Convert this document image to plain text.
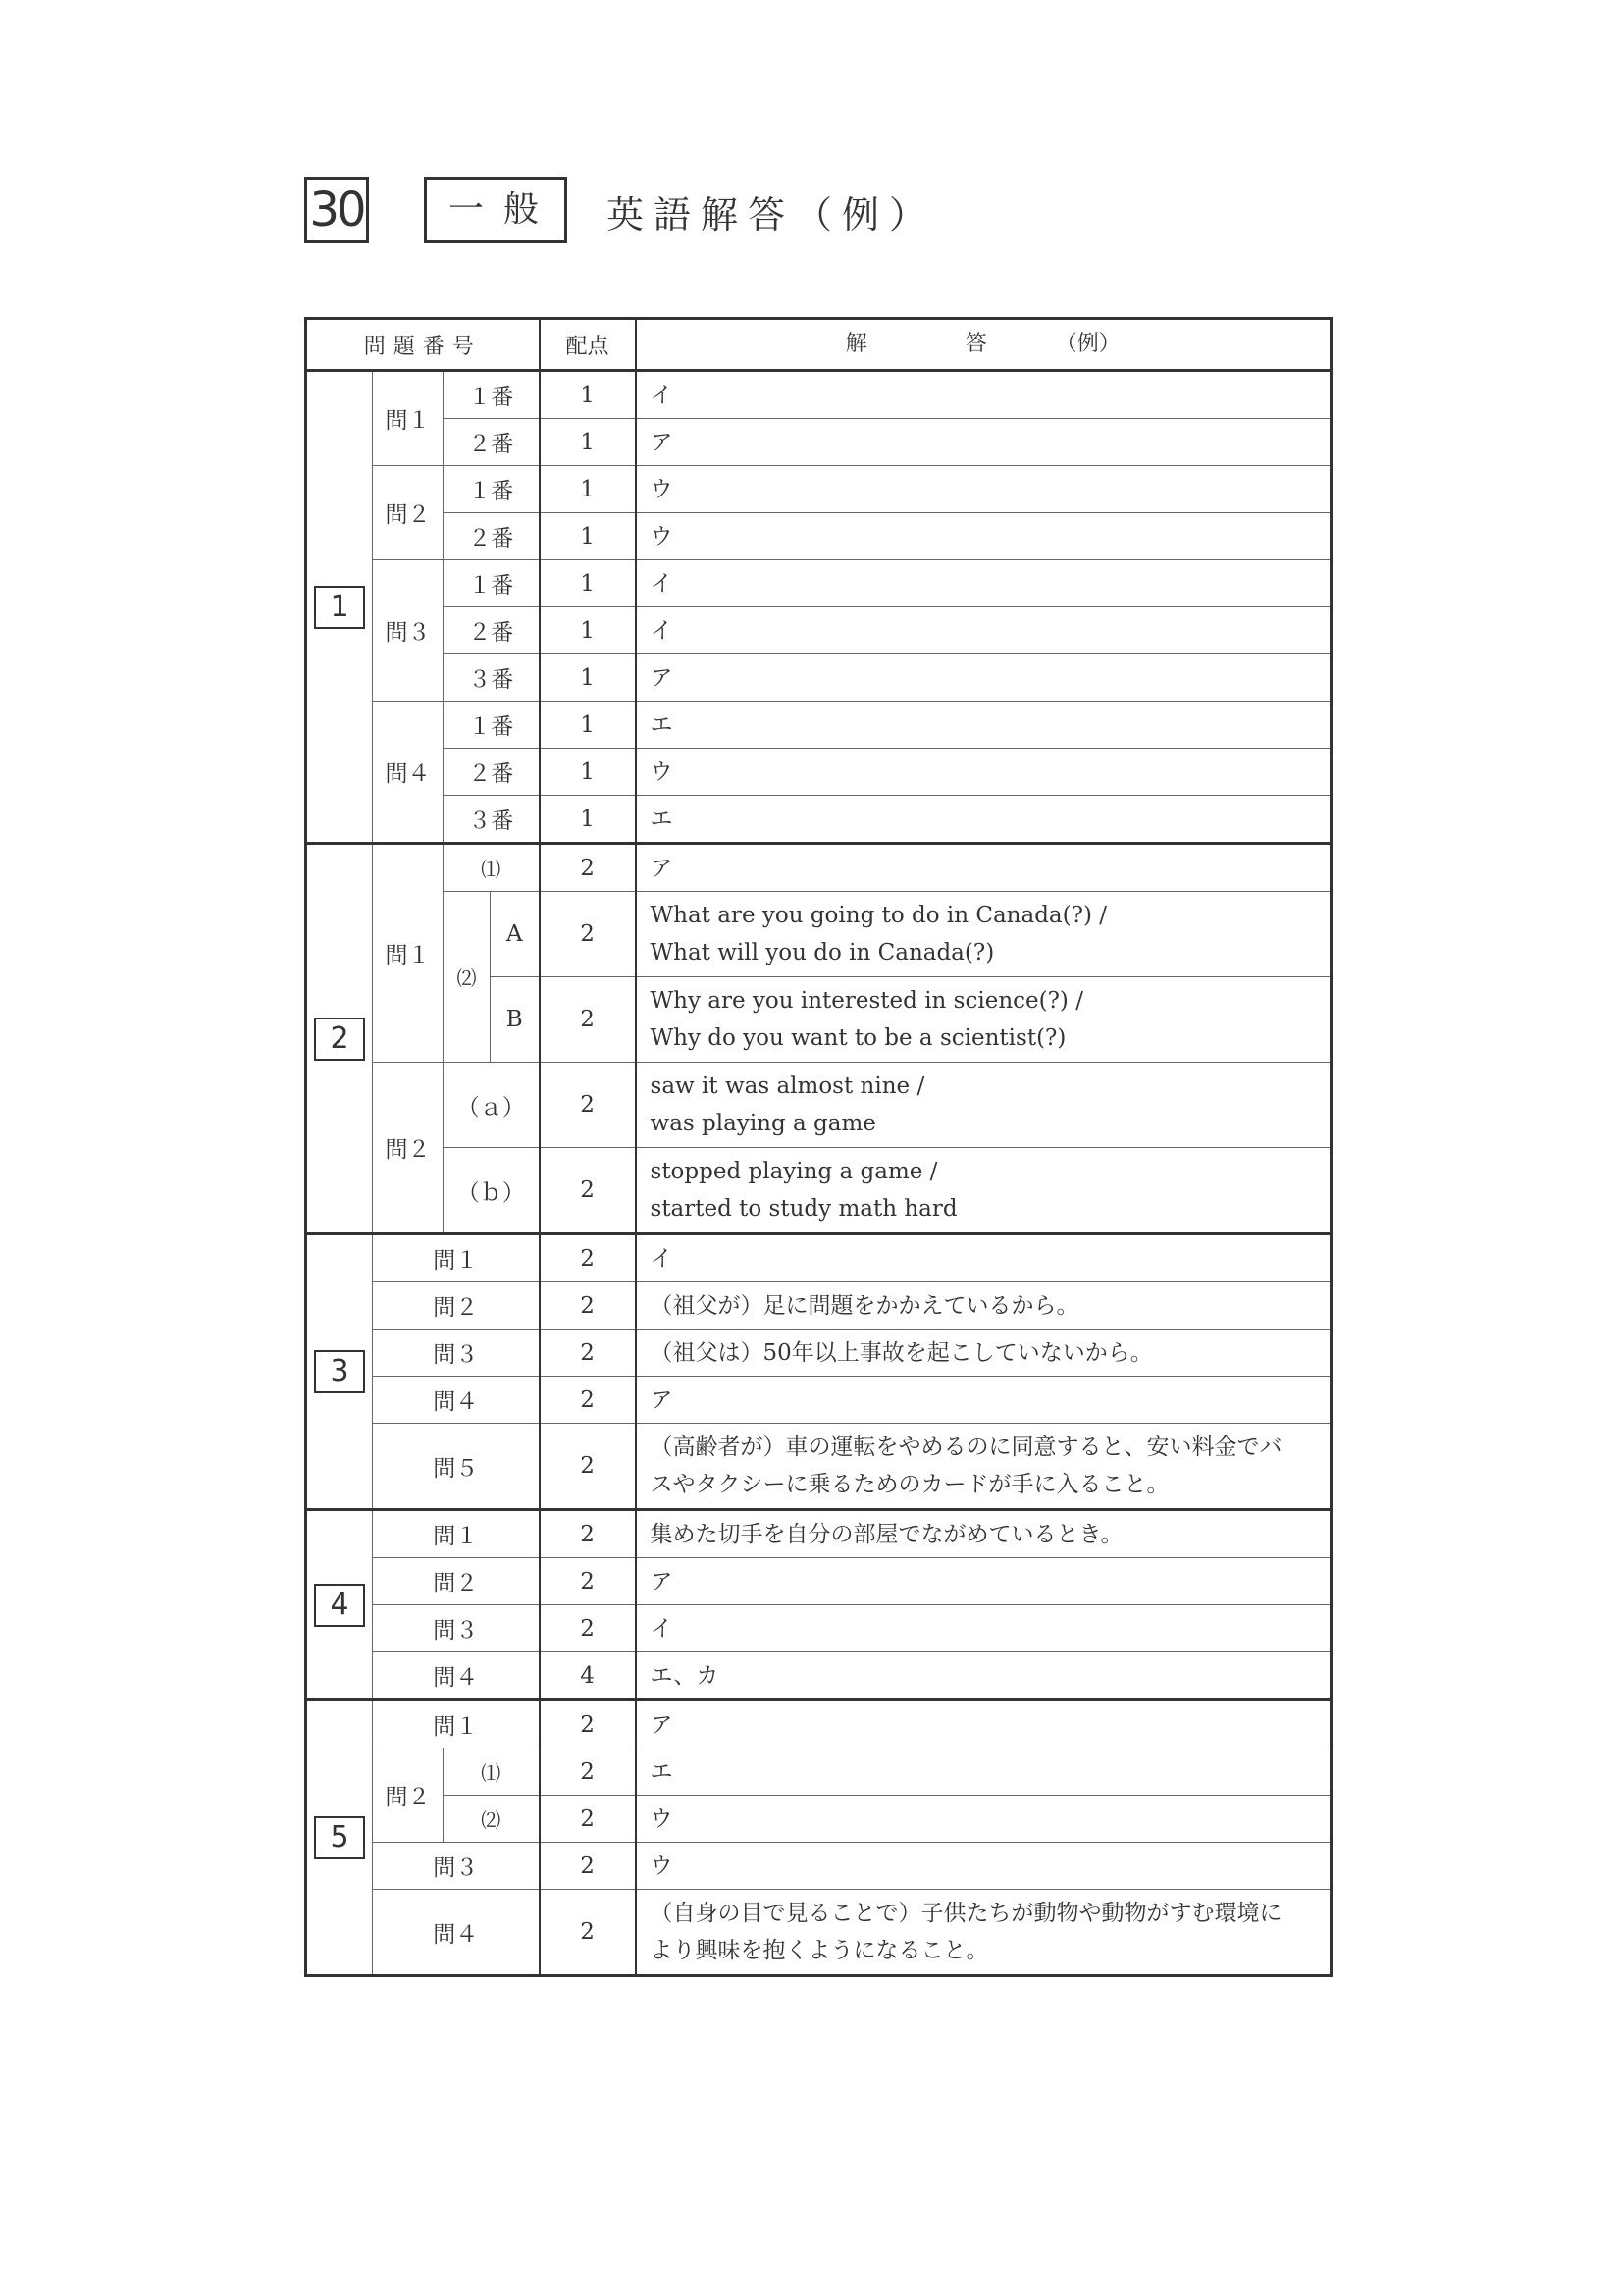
30	一般 英語解答（例）
問題番号				配点	解 答 （例）
1	問１	１番		1	イ
		２番		1	ア
	問２	１番		1	ウ
		２番		1	ウ
	問３	１番		1	イ
		２番		1	イ
		３番		1	ア
	問４	１番		1	エ
		２番		1	ウ
		３番		1	エ
2	問１	⑴		2	ア
		⑵	A	2	What are you going to do in Canada(?) /
What will you do in Canada(?)
			B	2	Why are you interested in science(?) /
Why do you want to be a scientist(?)
	問２	（ａ）		2	saw it was almost nine /
was playing a game
		（ｂ）		2	stopped playing a game /
started to study math hard
3	問１			2	イ
	問２			2	（祖父が）足に問題をかかえているから。
	問３			2	（祖父は）50年以上事故を起こしていないから。
	問４			2	ア
	問５			2	（高齢者が）車の運転をやめるのに同意すると、安い料金でバ
スやタクシーに乗るためのカードが手に入ること。
4	問１			2	集めた切手を自分の部屋でながめているとき。
	問２			2	ア
	問３			2	イ
	問４			4	エ、カ
5	問１			2	ア
	問２	⑴		2	エ
		⑵		2	ウ
	問３			2	ウ
	問４			2	（自身の目で見ることで）子供たちが動物や動物がすむ環境に
より興味を抱くようになること。
